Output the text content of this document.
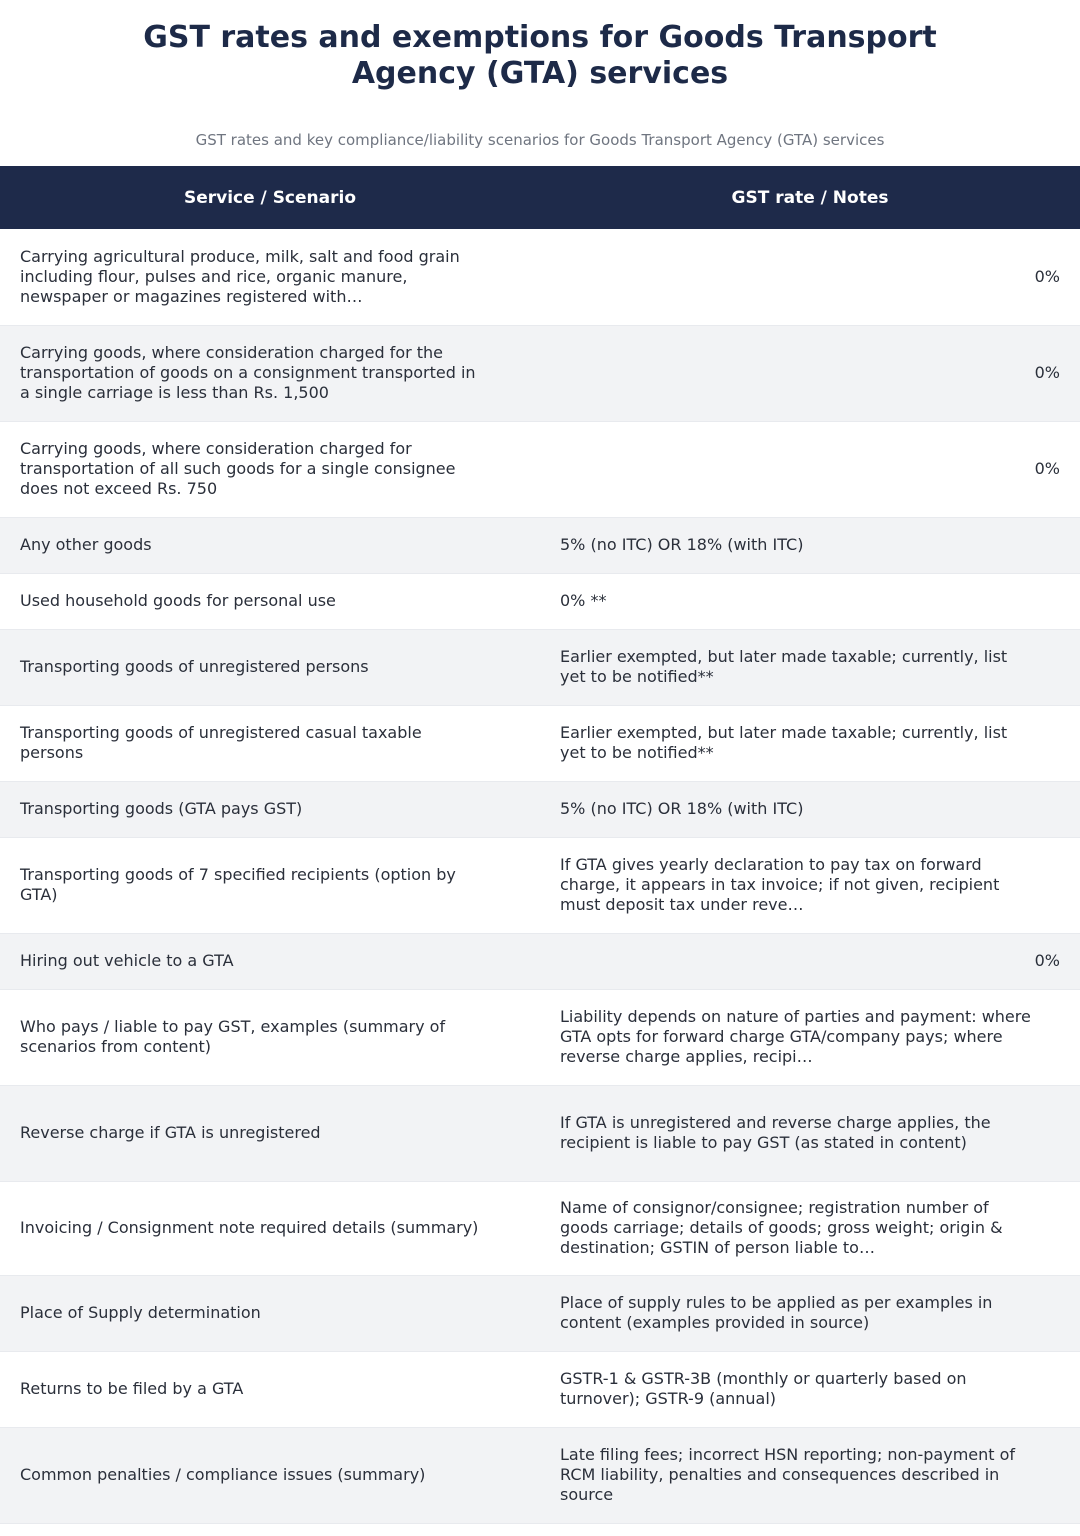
GST rates and exemptions for Goods Transport Agency (GTA) services

GST rates and key compliance/liability scenarios for Goods Transport Agency (GTA) services

Service / Scenario	GST rate / Notes
Carrying agricultural produce, milk, salt and food grain including flour, pulses and rice, organic manure, newspaper or magazines registered with…	0%
Carrying goods, where consideration charged for the transportation of goods on a consignment transported in a single carriage is less than Rs. 1,500	0%
Carrying goods, where consideration charged for transportation of all such goods for a single consignee does not exceed Rs. 750	0%
Any other goods	5% (no ITC) OR 18% (with ITC)
Used household goods for personal use	0% **
Transporting goods of unregistered persons	Earlier exempted, but later made taxable; currently, list yet to be notified**
Transporting goods of unregistered casual taxable persons	Earlier exempted, but later made taxable; currently, list yet to be notified**
Transporting goods (GTA pays GST)	5% (no ITC) OR 18% (with ITC)
Transporting goods of 7 specified recipients (option by GTA)	If GTA gives yearly declaration to pay tax on forward charge, it appears in tax invoice; if not given, recipient must deposit tax under reve…
Hiring out vehicle to a GTA	0%
Who pays / liable to pay GST, examples (summary of scenarios from content)	Liability depends on nature of parties and payment: where GTA opts for forward charge GTA/company pays; where reverse charge applies, recipi…
Reverse charge if GTA is unregistered	If GTA is unregistered and reverse charge applies, the recipient is liable to pay GST (as stated in content)
Invoicing / Consignment note required details (summary)	Name of consignor/consignee; registration number of goods carriage; details of goods; gross weight; origin & destination; GSTIN of person liable to…
Place of Supply determination	Place of supply rules to be applied as per examples in content (examples provided in source)
Returns to be filed by a GTA	GSTR-1 & GSTR-3B (monthly or quarterly based on turnover); GSTR-9 (annual)
Common penalties / compliance issues (summary)	Late filing fees; incorrect HSN reporting; non-payment of RCM liability, penalties and consequences described in source
